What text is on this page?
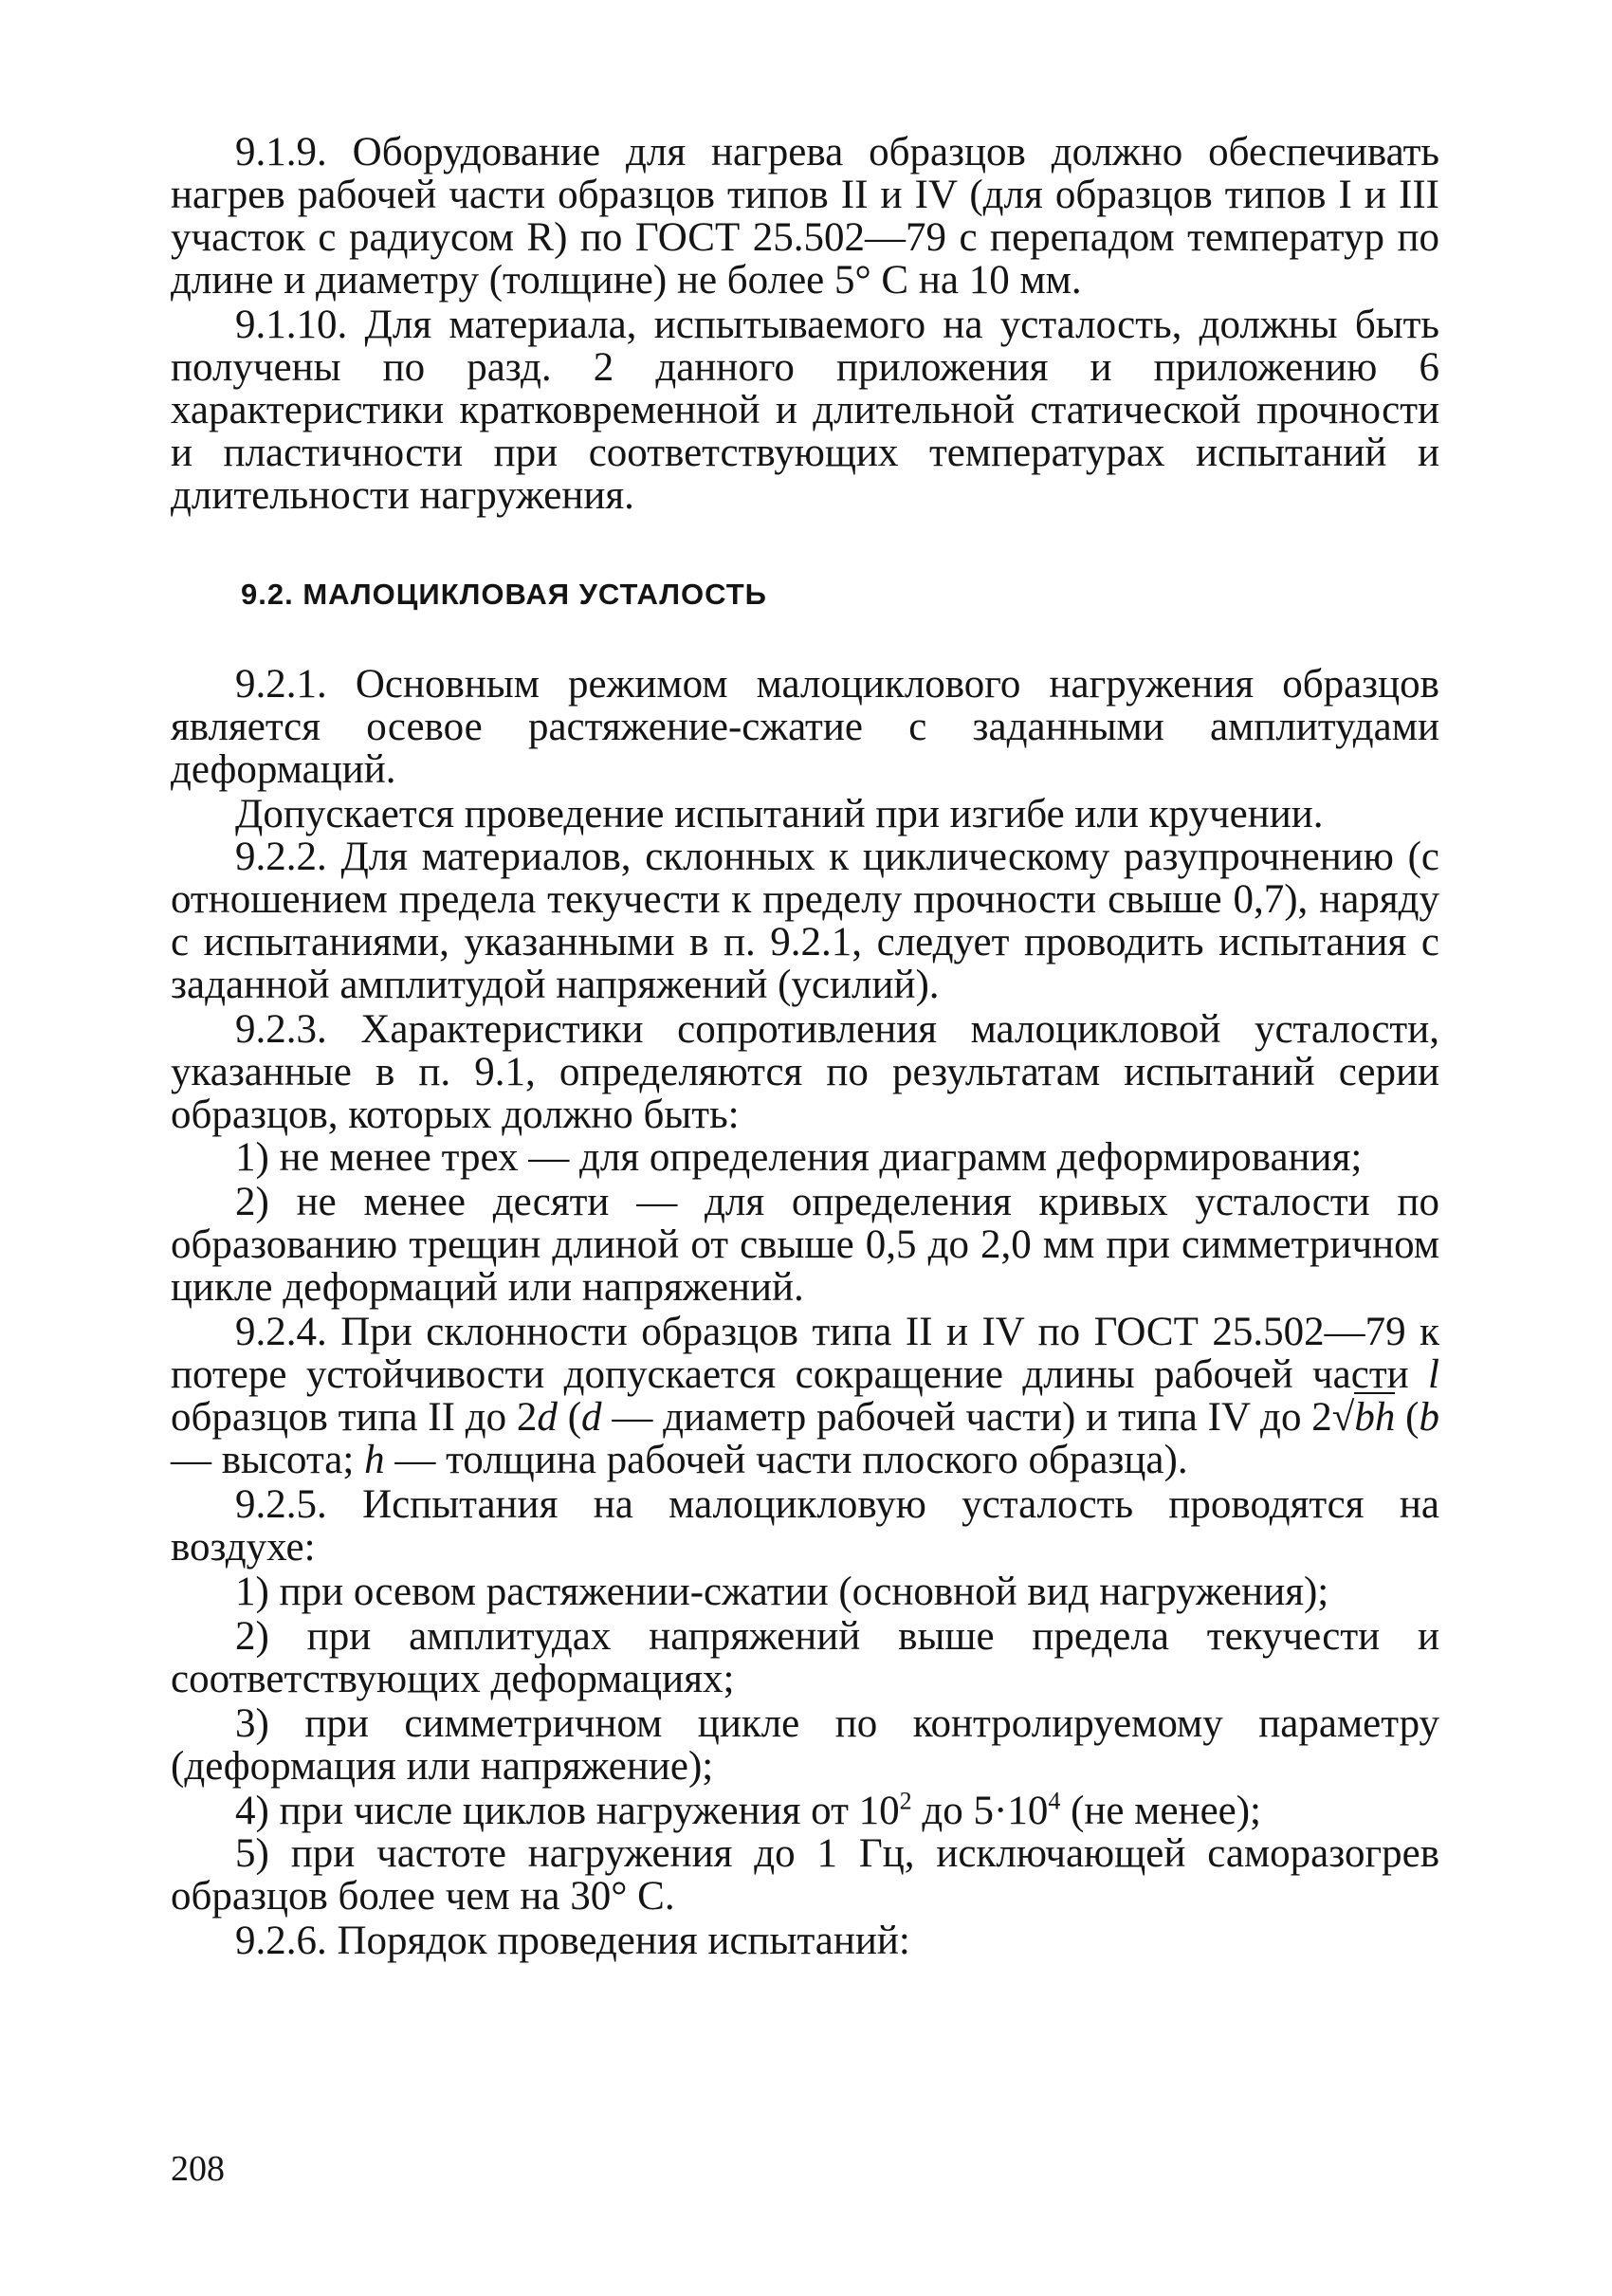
9.1.9. Оборудование для нагрева образцов должно обеспечивать нагрев рабочей части образцов типов II и IV (для образцов типов I и III участок с радиусом R) по ГОСТ 25.502—79 с перепадом температур по длине и диаметру (толщине) не более 5° С на 10 мм.

9.1.10. Для материала, испытываемого на усталость, должны быть получены по разд. 2 данного приложения и приложению 6 характеристики кратковременной и длительной статической прочности и пластичности при соответствующих температурах испытаний и длительности нагружения.

9.2. МАЛОЦИКЛОВАЯ УСТАЛОСТЬ

9.2.1. Основным режимом малоциклового нагружения образцов является осевое растяжение-сжатие с заданными амплитудами деформаций.

Допускается проведение испытаний при изгибе или кручении.

9.2.2. Для материалов, склонных к циклическому разупрочнению (с отношением предела текучести к пределу прочности свыше 0,7), наряду с испытаниями, указанными в п. 9.2.1, следует проводить испытания с заданной амплитудой напряжений (усилий).

9.2.3. Характеристики сопротивления малоцикловой усталости, указанные в п. 9.1, определяются по результатам испытаний серии образцов, которых должно быть:

1) не менее трех — для определения диаграмм деформирования;

2) не менее десяти — для определения кривых усталости по образованию трещин длиной от свыше 0,5 до 2,0 мм при симметричном цикле деформаций или напряжений.

9.2.4. При склонности образцов типа II и IV по ГОСТ 25.502—79 к потере устойчивости допускается сокращение длины рабочей части l образцов типа II до 2d (d — диаметр рабочей части) и типа IV до 2√bh (b — высота; h — толщина рабочей части плоского образца).

9.2.5. Испытания на малоцикловую усталость проводятся на воздухе:

1) при осевом растяжении-сжатии (основной вид нагружения);

2) при амплитудах напряжений выше предела текучести и соответствующих деформациях;

3) при симметричном цикле по контролируемому параметру (деформация или напряжение);

4) при числе циклов нагружения от $10^2$ до $5\cdot 10^4$ (не менее);

5) при частоте нагружения до 1 Гц, исключающей саморазогрев образцов более чем на 30° С.

9.2.6. Порядок проведения испытаний:

208
